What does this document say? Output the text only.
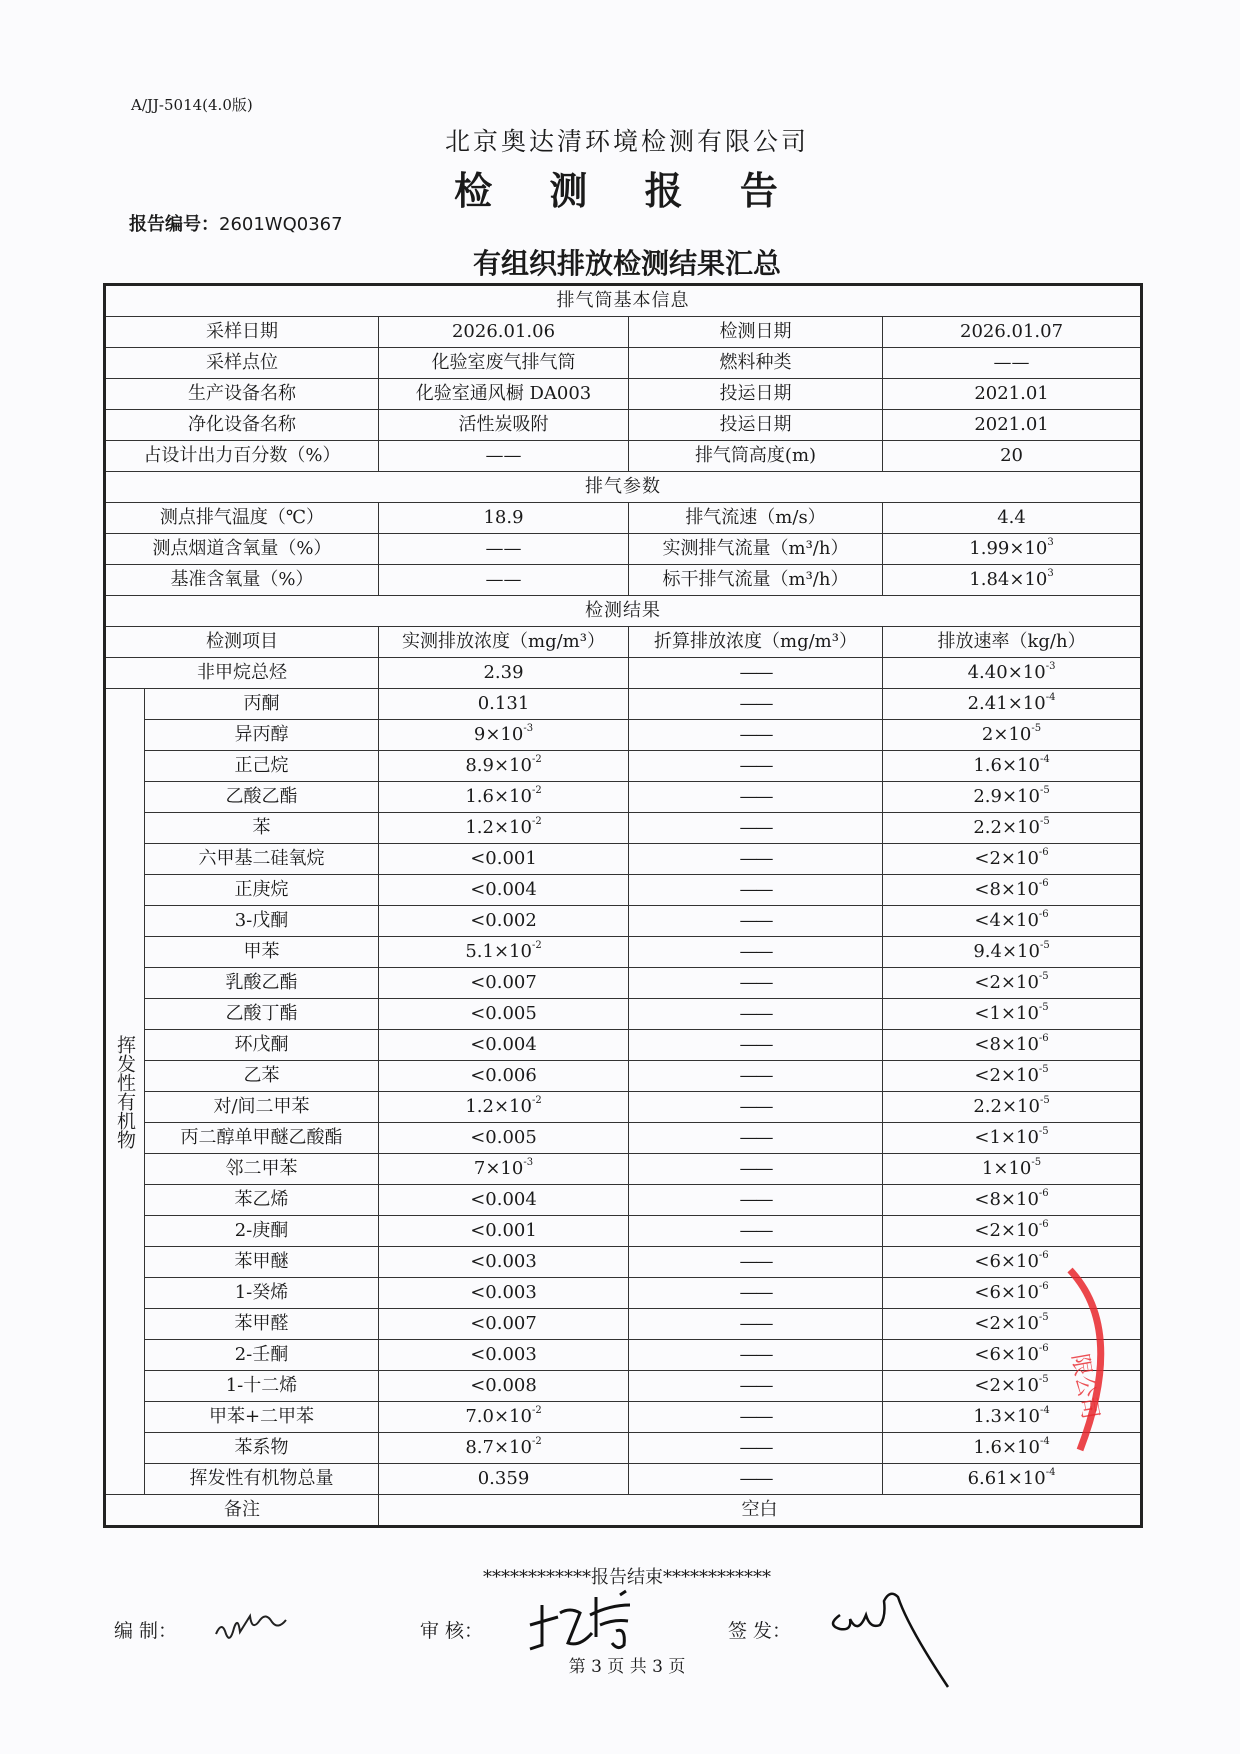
A/JJ-5014(4.0版)
北京奥达清环境检测有限公司
检 测 报 告
报告编号：2601WQ0367
有组织排放检测结果汇总
排气筒基本信息				
采样日期		2026.01.06	检测日期	2026.01.07
采样点位		化验室废气排气筒	燃料种类	——
生产设备名称		化验室通风橱 DA003	投运日期	2021.01
净化设备名称		活性炭吸附	投运日期	2021.01
占设计出力百分数（%）		——	排气筒高度(m)	20
排气参数				
测点排气温度（℃）		18.9	排气流速（m/s）	4.4
测点烟道含氧量（%）		——	实测排气流量（m³/h）	$1.99\times 10^3$
基准含氧量（%）		——	标干排气流量（m³/h）	$1.84\times 10^3$
检测结果				
检测项目		实测排放浓度（mg/m³）	折算排放浓度（mg/m³）	排放速率（kg/h）
非甲烷总烃		2.39	——	$4.40\times 10^{-3}$
挥发性有机物	丙酮	0.131	——	$2.41\times 10^{-4}$
	异丙醇	$9\times 10^{-3}$	——	$2\times 10^{-5}$
	正己烷	$8.9\times 10^{-2}$	——	$1.6\times 10^{-4}$
	乙酸乙酯	$1.6\times 10^{-2}$	——	$2.9\times 10^{-5}$
	苯	$1.2\times 10^{-2}$	——	$2.2\times 10^{-5}$
	六甲基二硅氧烷	<0.001	——	$<2\times 10^{-6}$
	正庚烷	<0.004	——	$<8\times 10^{-6}$
	3-戊酮	<0.002	——	$<4\times 10^{-6}$
	甲苯	$5.1\times 10^{-2}$	——	$9.4\times 10^{-5}$
	乳酸乙酯	<0.007	——	$<2\times 10^{-5}$
	乙酸丁酯	<0.005	——	$<1\times 10^{-5}$
	环戊酮	<0.004	——	$<8\times 10^{-6}$
	乙苯	<0.006	——	$<2\times 10^{-5}$
	对/间二甲苯	$1.2\times 10^{-2}$	——	$2.2\times 10^{-5}$
	丙二醇单甲醚乙酸酯	<0.005	——	$<1\times 10^{-5}$
	邻二甲苯	$7\times 10^{-3}$	——	$1\times 10^{-5}$
	苯乙烯	<0.004	——	$<8\times 10^{-6}$
	2-庚酮	<0.001	——	$<2\times 10^{-6}$
	苯甲醚	<0.003	——	$<6\times 10^{-6}$
	1-癸烯	<0.003	——	$<6\times 10^{-6}$
	苯甲醛	<0.007	——	$<2\times 10^{-5}$
	2-壬酮	<0.003	——	$<6\times 10^{-6}$
	1-十二烯	<0.008	——	$<2\times 10^{-5}$
	甲苯+二甲苯	$7.0\times 10^{-2}$	——	$1.3\times 10^{-4}$
	苯系物	$8.7\times 10^{-2}$	——	$1.6\times 10^{-4}$
	挥发性有机物总量	0.359	——	$6.61\times 10^{-4}$
备注		空白		
************报告结束************
编 制：	审 核：	签 发：
第 3 页 共 3 页
限公司
